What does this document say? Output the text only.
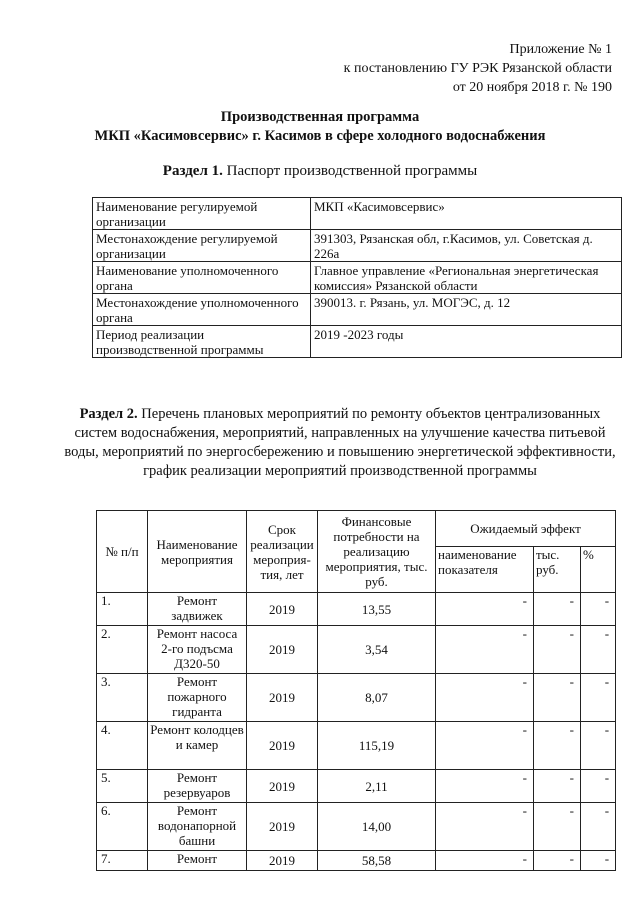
Приложение № 1
к постановлению ГУ РЭК Рязанской области
от 20 ноября 2018 г. № 190
Производственная программа
МКП «Касимовсервис» г. Касимов в сфере холодного водоснабжения
Раздел 1. Паспорт производственной программы
Наименование регулируемой организации	МКП «Касимовсервис»
Местонахождение регулируемой организации	391303, Рязанская обл, г.Касимов, ул. Советская д. 226а
Наименование уполномоченного органа	Главное управление «Региональная энергетическая комиссия» Рязанской области
Местонахождение уполномоченного органа	390013. г. Рязань, ул. МОГЭС, д. 12
Период реализации производственной программы	2019 -2023 годы
Раздел 2. Перечень плановых мероприятий по ремонту объектов централизованных систем водоснабжения, мероприятий, направленных на улучшение качества питьевой воды, мероприятий по энергосбережению и повышению энергетической эффективности, график реализации мероприятий производственной программы
№ п/п	Наименование мероприятия	Срок реализации мероприя-тия, лет	Финансовые потребности на реализацию мероприятия, тыс. руб.	Ожидаемый эффект		
				наименование показателя	тыс. руб.	%
1.	Ремонт задвижек	2019	13,55	-	-	-
2.	Ремонт насоса 2-го подъсма Д320-50	2019	3,54	-	-	-
3.	Ремонт пожарного гидранта	2019	8,07	-	-	-
4.	Ремонт колодцев и камер	2019	115,19	-	-	-
5.	Ремонт резервуаров	2019	2,11	-	-	-
6.	Ремонт водонапорной башни	2019	14,00	-	-	-
7.	Ремонт	2019	58,58	-	-	-
